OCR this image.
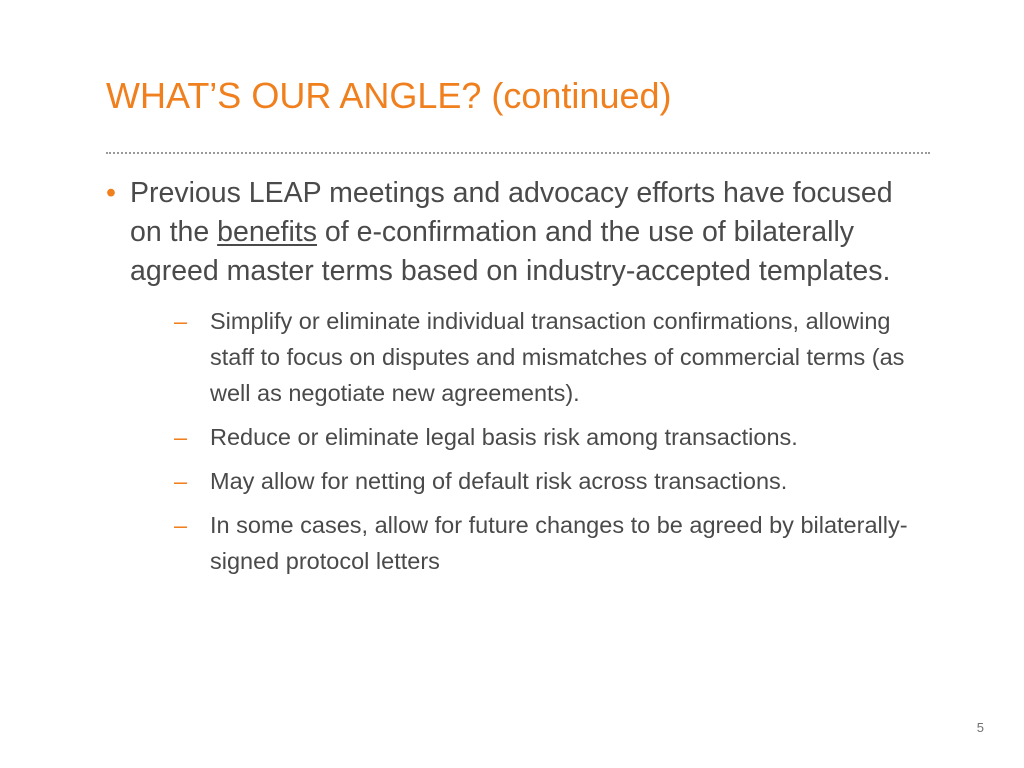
WHAT’S OUR ANGLE? (continued)
• Previous LEAP meetings and advocacy efforts have focused on the benefits of e-confirmation and the use of bilaterally agreed master terms based on industry-accepted templates.
– Simplify or eliminate individual transaction confirmations, allowing staff to focus on disputes and mismatches of commercial terms (as well as negotiate new agreements).
– Reduce or eliminate legal basis risk among transactions.
– May allow for netting of default risk across transactions.
– In some cases, allow for future changes to be agreed by bilaterally-signed protocol letters
5
